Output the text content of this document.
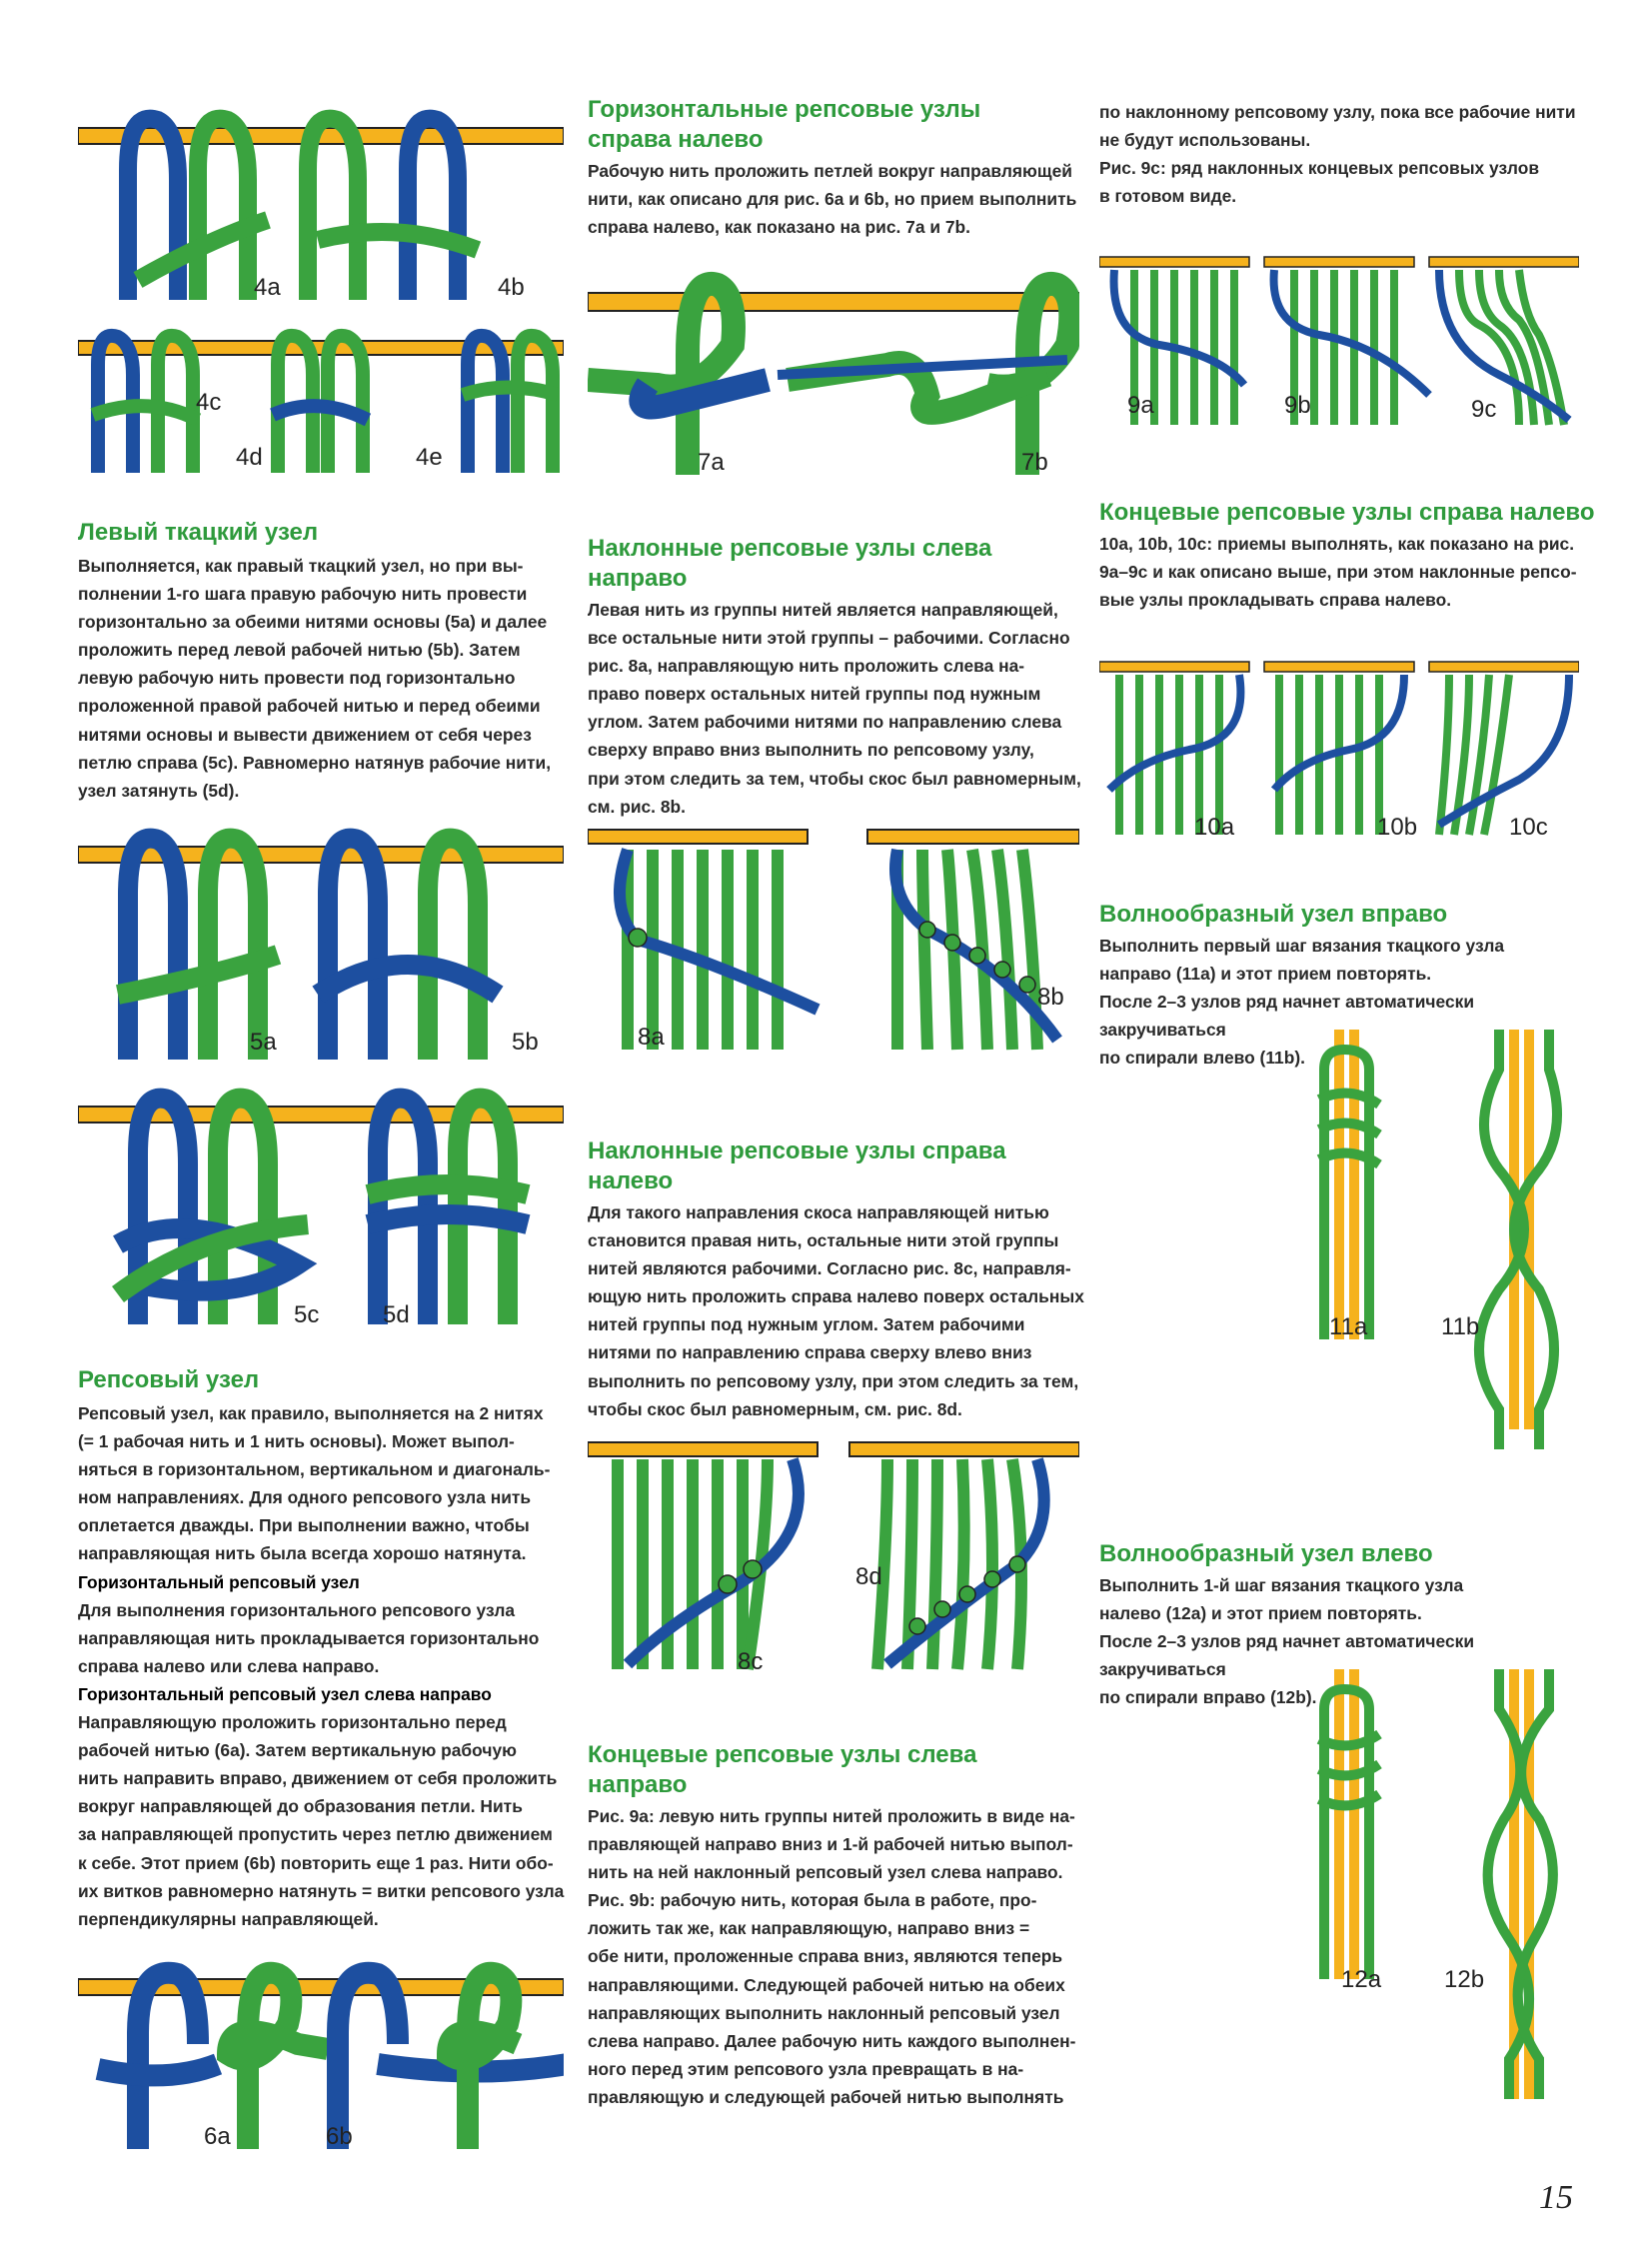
4a	4b
4c
4d	4e
Левый ткацкий узел

Выполняется, как правый ткацкий узел, но при вы-

полнении 1-го шага правую рабочую нить провести

горизонтально за обеими нитями основы (5a) и далее

проложить перед левой рабочей нитью (5b). Затем

левую рабочую нить провести под горизонтально

проложенной правой рабочей нитью и перед обеими

нитями основы и вывести движением от себя через

петлю справа (5c). Равномерно натянув рабочие нити,

узел затянуть (5d).

5a	5b
5c	5d
Репсовый узел

Репсовый узел, как правило, выполняется на 2 нитях

(= 1 рабочая нить и 1 нить основы). Может выпол-

няться в горизонтальном, вертикальном и диагональ-

ном направлениях. Для одного репсового узла нить

оплетается дважды. При выполнении важно, чтобы

направляющая нить была всегда хорошо натянута.

Горизонтальный репсовый узел

Для выполнения горизонтального репсового узла

направляющая нить прокладывается горизонтально

справа налево или слева направо.

Горизонтальный репсовый узел слева направо

Направляющую проложить горизонтально перед

рабочей нитью (6a). Затем вертикальную рабочую

нить направить вправо, движением от себя проложить

вокруг направляющей до образования петли. Нить

за направляющей пропустить через петлю движением

к себе. Этот прием (6b) повторить еще 1 раз. Нити обо-

их витков равномерно натянуть = витки репсового узла

перпендикулярны направляющей.

6a	6b
Горизонтальные репсовые узлы
справа налево

Рабочую нить проложить петлей вокруг направляющей

нити, как описано для рис. 6a и 6b, но прием выполнить

справа налево, как показано на рис. 7a и 7b.

7a	7b
Наклонные репсовые узлы слева направо

Левая нить из группы нитей является направляющей,

все остальные нити этой группы – рабочими. Согласно

рис. 8a, направляющую нить проложить слева на-

право поверх остальных нитей группы под нужным

углом. Затем рабочими нитями по направлению слева

сверху вправо вниз выполнить по репсовому узлу,

при этом следить за тем, чтобы скос был равномерным,

см. рис. 8b.

8a
8b
Наклонные репсовые узлы справа налево

Для такого направления скоса направляющей нитью

становится правая нить, остальные нити этой группы

нитей являются рабочими. Согласно рис. 8c, направля-

ющую нить проложить справа налево поверх остальных

нитей группы под нужным углом. Затем рабочими

нитями по направлению справа сверху влево вниз

выполнить по репсовому узлу, при этом следить за тем,

чтобы скос был равномерным, см. рис. 8d.

8c
8d
Концевые репсовые узлы слева направо

Рис. 9a: левую нить группы нитей проложить в виде на-

правляющей направо вниз и 1-й рабочей нитью выпол-

нить на ней наклонный репсовый узел слева направо.

Рис. 9b: рабочую нить, которая была в работе, про-

ложить так же, как направляющую, направо вниз =

обе нити, проложенные справа вниз, являются теперь

направляющими. Следующей рабочей нитью на обеих

направляющих выполнить наклонный репсовый узел

слева направо. Далее рабочую нить каждого выполнен-

ного перед этим репсового узла превращать в на-

правляющую и следующей рабочей нитью выполнять

по наклонному репсовому узлу, пока все рабочие нити

не будут использованы.

Рис. 9c: ряд наклонных концевых репсовых узлов

в готовом виде.

9a	9b	9c
Концевые репсовые узлы справа налево

10a, 10b, 10c: приемы выполнять, как показано на рис.

9a–9c и как описано выше, при этом наклонные репсо-

вые узлы прокладывать справа налево.

10a	10b	10c
Волнообразный узел вправо

Выполнить первый шаг вязания ткацкого узла

направо (11a) и этот прием повторять.

После 2–3 узлов ряд начнет автоматически

закручиваться

по спирали влево (11b).

11a	11b
Волнообразный узел влево

Выполнить 1-й шаг вязания ткацкого узла

налево (12a) и этот прием повторять.

После 2–3 узлов ряд начнет автоматически

закручиваться

по спирали вправо (12b).

12a	12b
15
